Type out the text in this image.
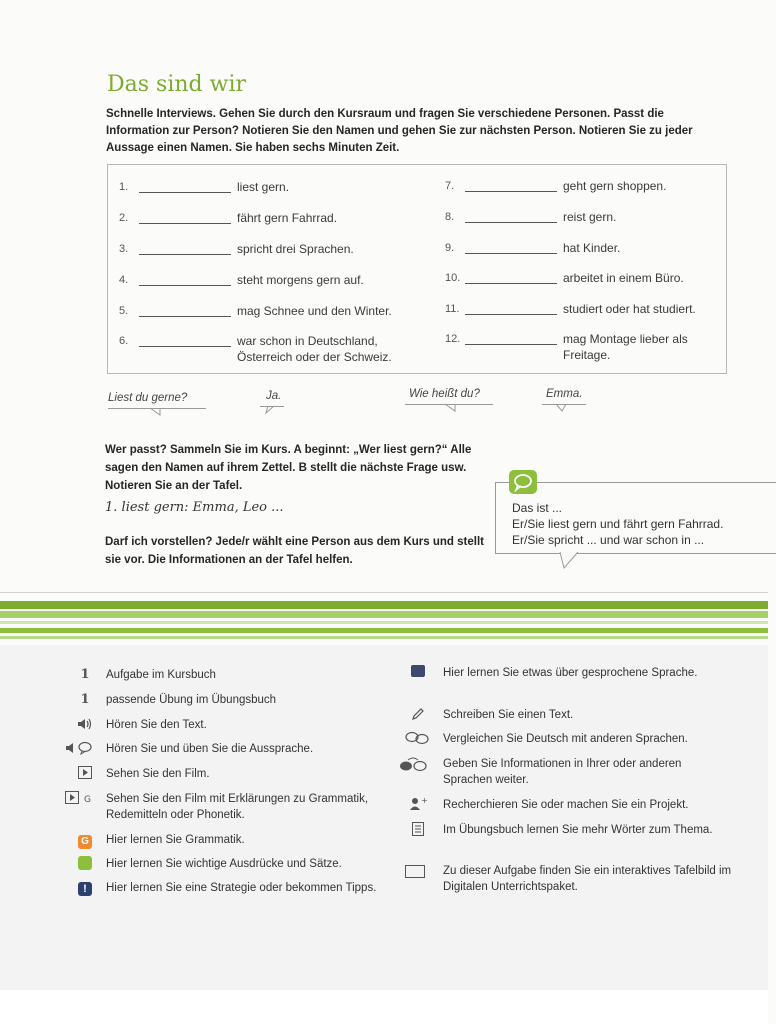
Das sind wir

Schnelle Interviews. Gehen Sie durch den Kursraum und fragen Sie verschiedene Personen. Passt die Information zur Person? Notieren Sie den Namen und gehen Sie zur nächsten Person. Notieren Sie zu jeder Aussage einen Namen. Sie haben sechs Minuten Zeit.

1.	liest gern.
2.	fährt gern Fahrrad.
3.	spricht drei Sprachen.
4.	steht morgens gern auf.
5.	mag Schnee und den Winter.
6.	war schon in Deutschland, Österreich oder der Schweiz.
7.	geht gern shoppen.
8.	reist gern.
9.	hat Kinder.
10.	arbeitet in einem Büro.
11.	studiert oder hat studiert.
12.	mag Montage lieber als Freitage.
Liest du gerne?	Ja.	Wie heißt du?	Emma.

Wer passt? Sammeln Sie im Kurs. A beginnt: „Wer liest gern?“ Alle sagen den Namen auf ihrem Zettel. B stellt die nächste Frage usw. Notieren Sie an der Tafel.

1. liest gern: Emma, Leo ...

Darf ich vorstellen? Jede/r wählt eine Person aus dem Kurs und stellt sie vor. Die Informationen an der Tafel helfen.

Das ist ...
Er/Sie liest gern und fährt gern Fahrrad.
Er/Sie spricht ... und war schon in ...
1	Aufgabe im Kursbuch
1	passende Übung im Übungsbuch
Hören Sie den Text.
Hören Sie und üben Sie die Aussprache.
Sehen Sie den Film.
G Sehen Sie den Film mit Erklärungen zu Grammatik, Redemitteln oder Phonetik.
G	Hier lernen Sie Grammatik.
Hier lernen Sie wichtige Ausdrücke und Sätze.
!	Hier lernen Sie eine Strategie oder bekommen Tipps.
Hier lernen Sie etwas über gesprochene Sprache.
Schreiben Sie einen Text.
Vergleichen Sie Deutsch mit anderen Sprachen.
Geben Sie Informationen in Ihrer oder anderen Sprachen weiter.
+ Recherchieren Sie oder machen Sie ein Projekt.
Im Übungsbuch lernen Sie mehr Wörter zum Thema.
Zu dieser Aufgabe finden Sie ein interaktives Tafelbild im Digitalen Unterrichtspaket.
